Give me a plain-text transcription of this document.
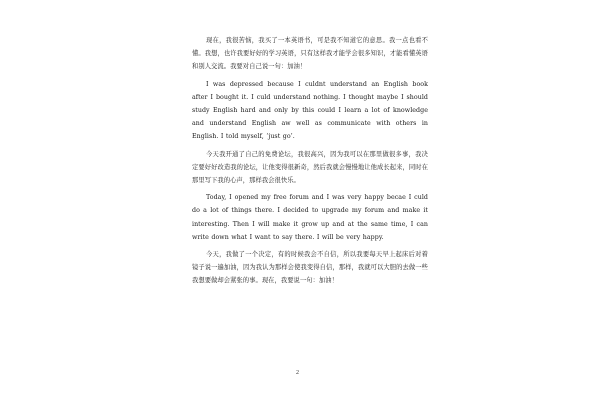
现在，我很苦恼，我买了一本英语书，可是我不知道它的意思。我一点也看不懂。我想，也许我要好好的学习英语，只有这样我才能学会很多知识，才能看懂英语和别人交流。我要对自己说一句：加油！

I was depressed because I culdnt understand an English book after I bought it. I culd understand nothing. I thought maybe I should study English hard and only by this could I learn a lot of knowledge and understand English aw well as communicate with others in English. I told myself, ‘just go’.

今天我开通了自己的免费论坛，我很高兴，因为我可以在那里做很多事，我决定要好好改造我的论坛，让他变得很新奇，然后我就会慢慢地让他成长起来，同时在那里写下我的心声，那样我会很快乐。

Today, I opened my free forum and I was very happy becae I culd do a lot of things there. I decided to upgrade my forum and make it interesting. Then I will make it grow up and at the same time, I can write down what I want to say there. I will be very happy.

今天，我做了一个决定，有的时候我会不自信，所以我要每天早上起床后对着镜子说一遍加油，因为我认为那样会使我变得自信，那样，我就可以大胆的去做一些我想要做却会紧张的事。现在，我要说一句：加油！

2
